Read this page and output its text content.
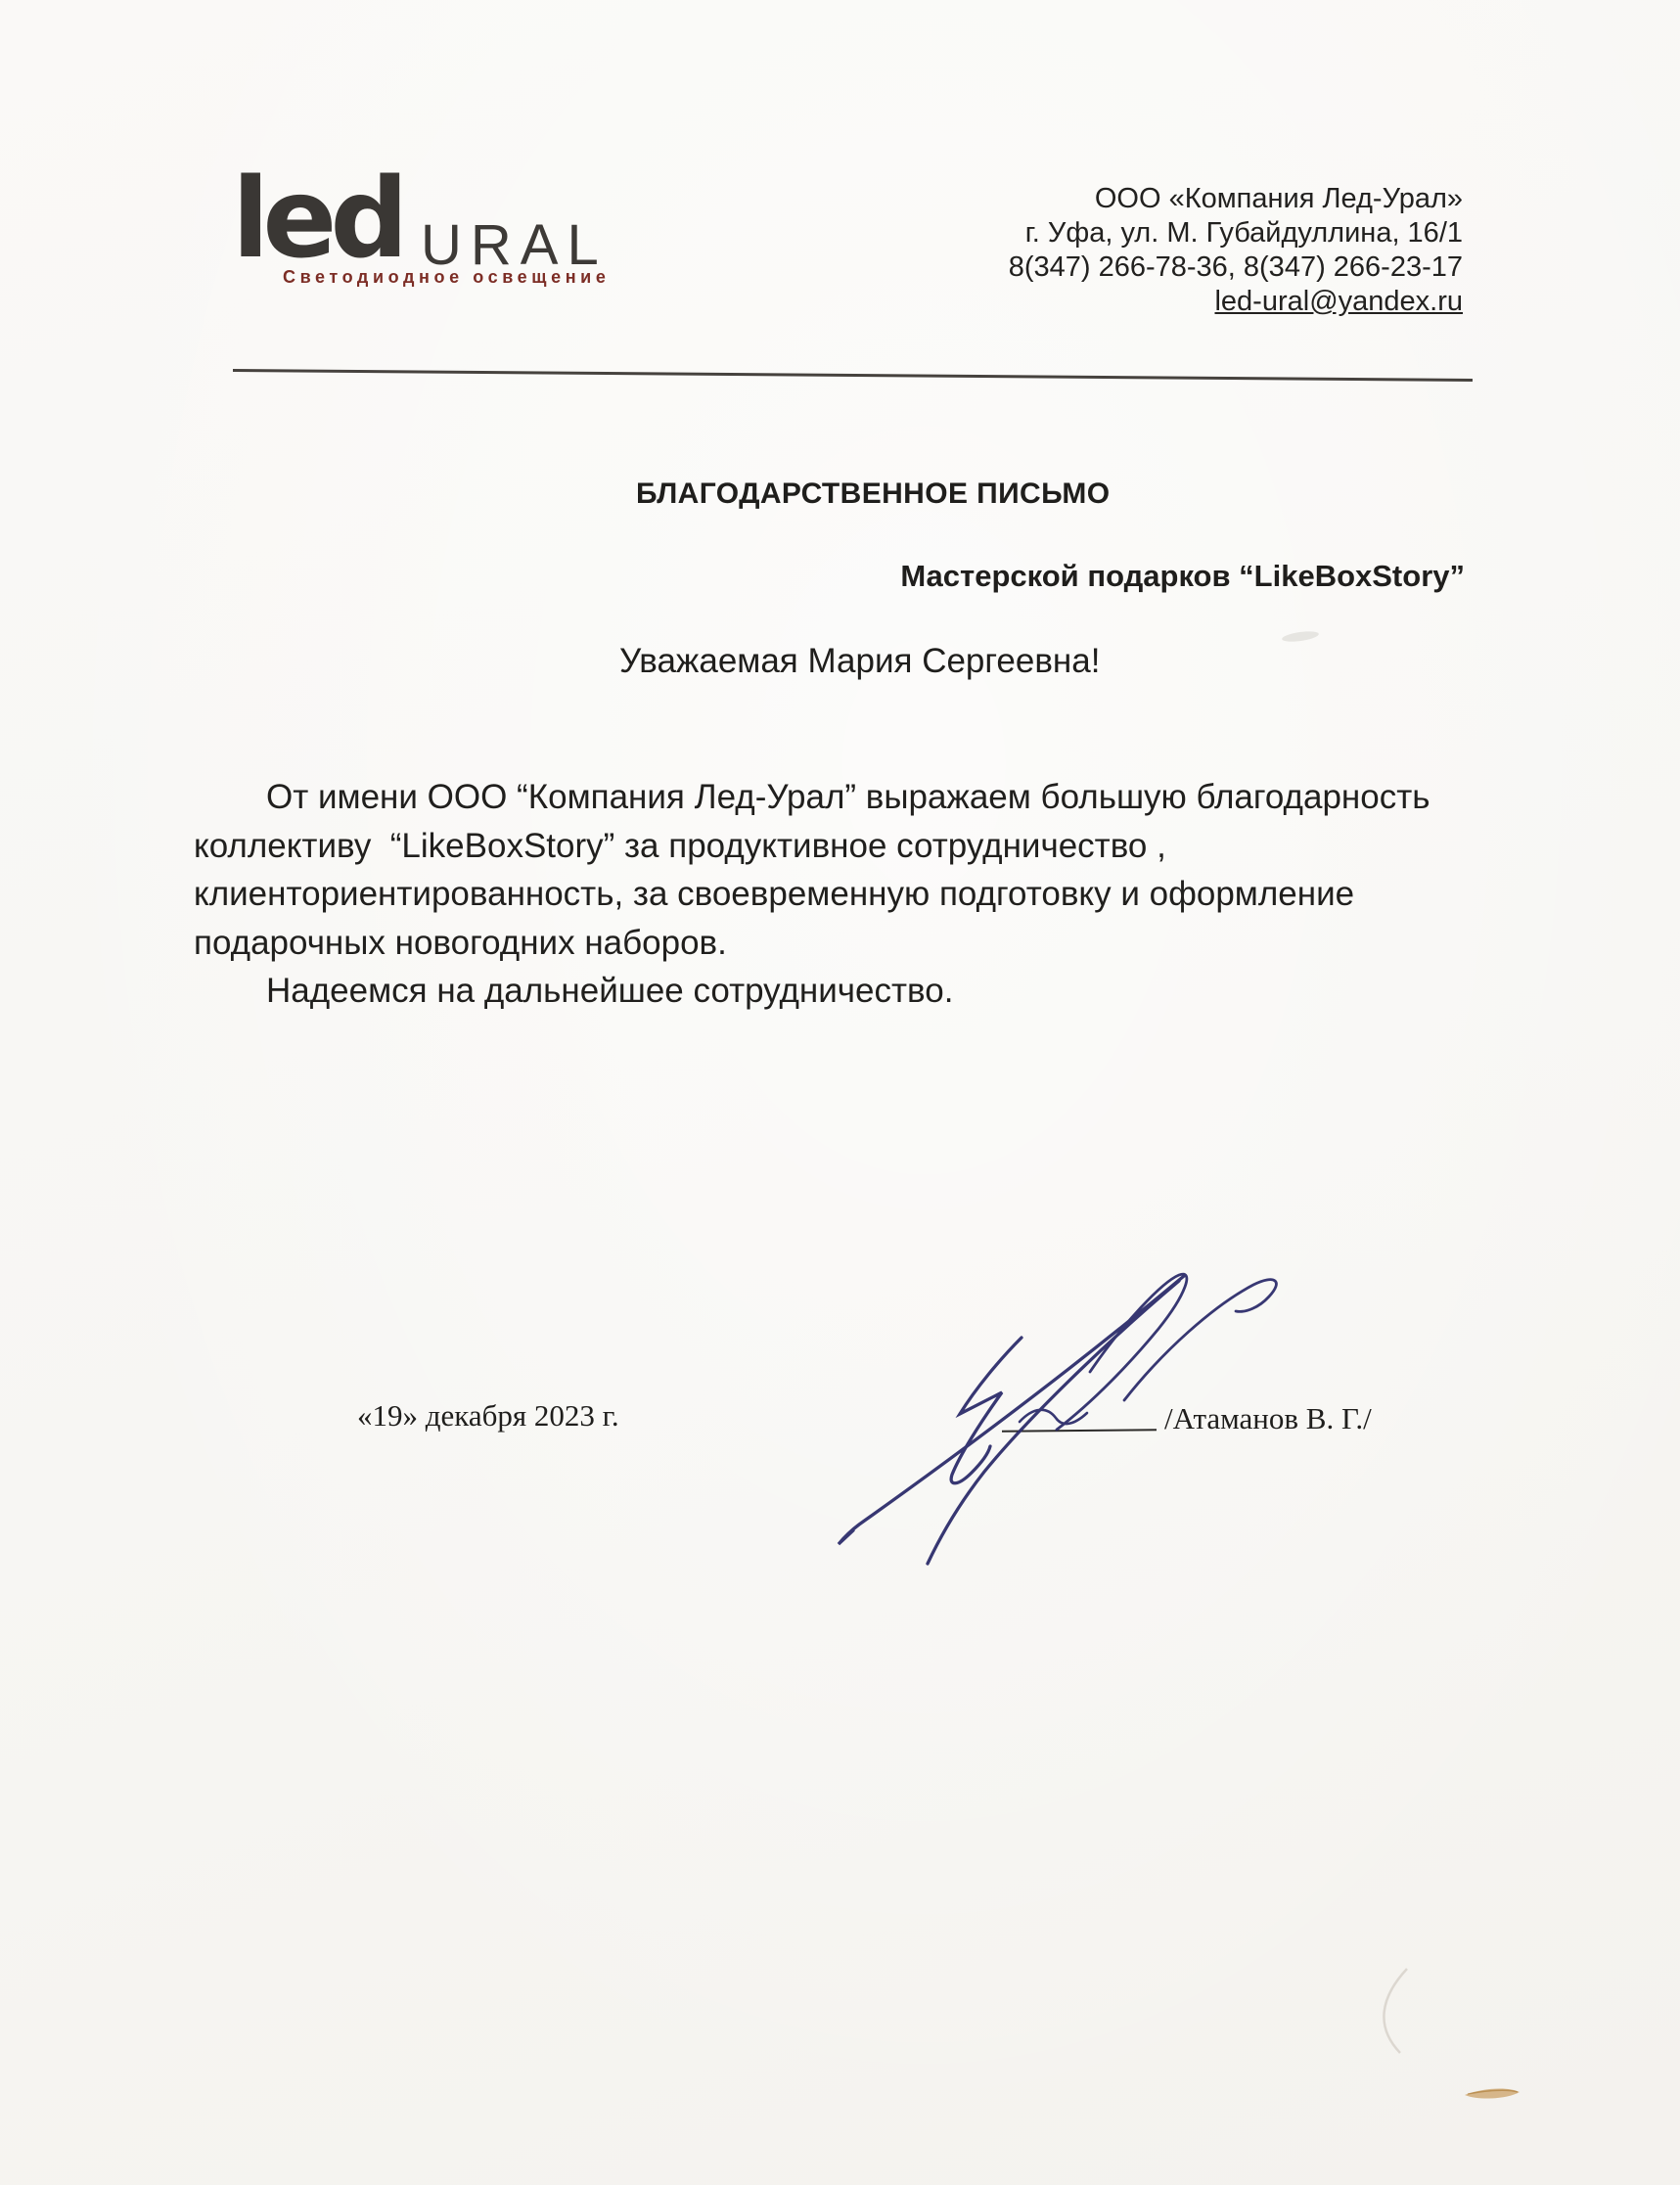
led URAL
Светодиодное освещение
ООО «Компания Лед-Урал»
г. Уфа, ул. М. Губайдуллина, 16/1
8(347) 266-78-36, 8(347) 266-23-17
led-ural@yandex.ru
БЛАГОДАРСТВЕННОЕ ПИСЬМО
Мастерской подарков “LikeBoxStory”
Уважаемая Мария Сергеевна!
От имени ООО “Компания Лед-Урал” выражаем большую благодарность
коллективу  “LikeBoxStory” за продуктивное сотрудничество ,
клиенториентированность, за своевременную подготовку и оформление
подарочных новогодних наборов.
Надеемся на дальнейшее сотрудничество.
«19» декабря 2023 г.	/Атаманов В. Г./
